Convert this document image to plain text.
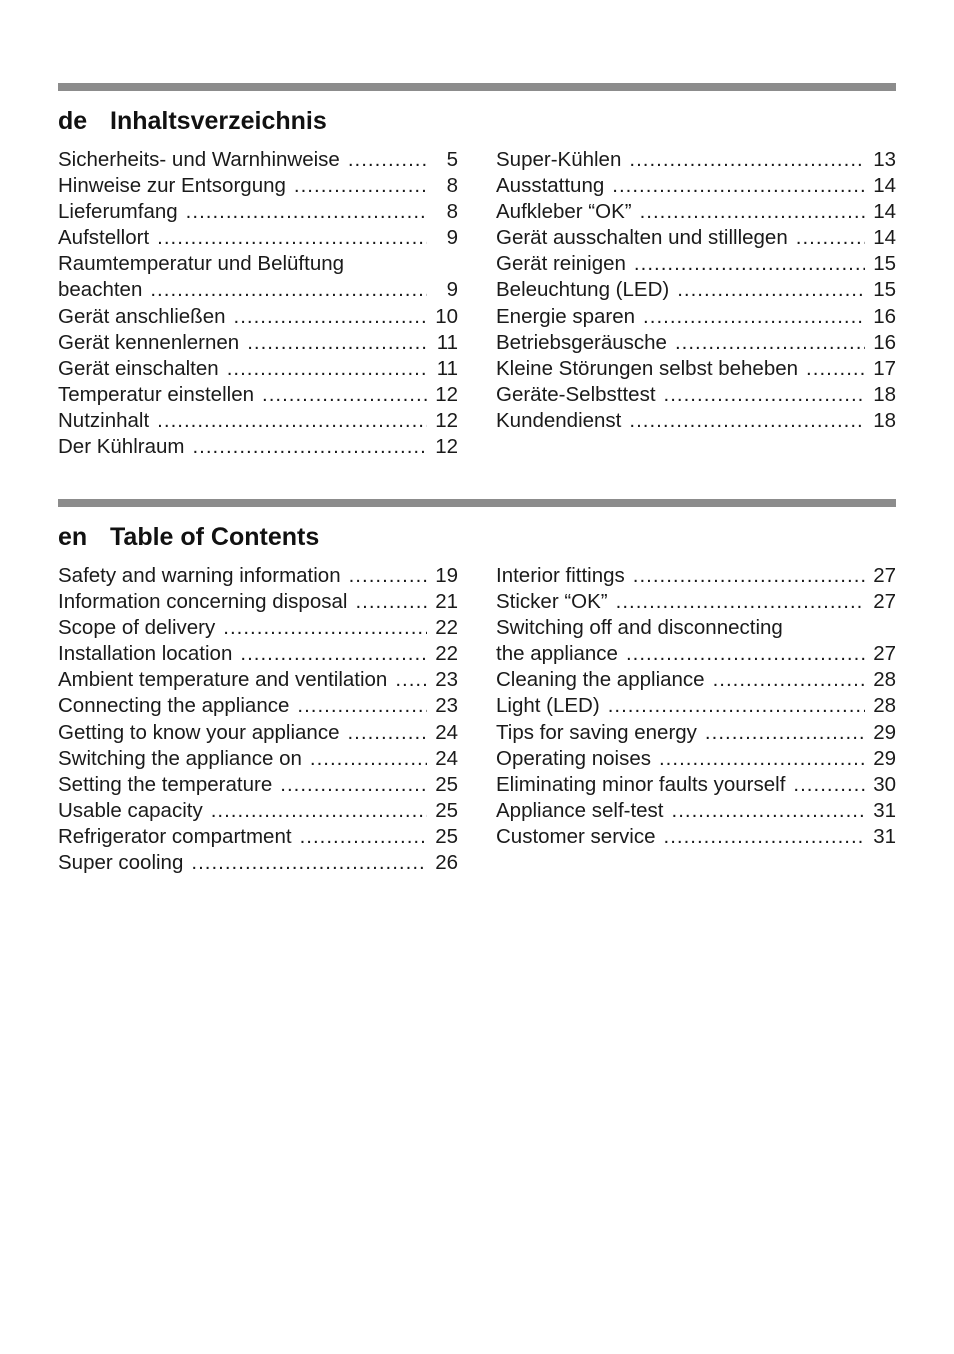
de Inhaltsverzeichnis
Sicherheits- und Warnhinweise .....	5
Hinweise zur Entsorgung .....	8
Lieferumfang .....	8
Aufstellort .....	9
Raumtemperatur und Belüftung
beachten .....	9
Gerät anschließen .....	10
Gerät kennenlernen .....	11
Gerät einschalten .....	11
Temperatur einstellen .....	12
Nutzinhalt .....	12
Der Kühlraum .....	12
Super-Kühlen .....	13
Ausstattung .....	14
Aufkleber “OK” .....	14
Gerät ausschalten und stilllegen .....	14
Gerät reinigen .....	15
Beleuchtung (LED) .....	15
Energie sparen .....	16
Betriebsgeräusche .....	16
Kleine Störungen selbst beheben .....	17
Geräte-Selbsttest .....	18
Kundendienst .....	18
en Table of Contents
Safety and warning information .....	19
Information concerning disposal .....	21
Scope of delivery .....	22
Installation location .....	22
Ambient temperature and ventilation ..... 23
Connecting the appliance .....	23
Getting to know your appliance .....	24
Switching the appliance on .....	24
Setting the temperature .....	25
Usable capacity .....	25
Refrigerator compartment .....	25
Super cooling .....	26
Interior fittings .....	27
Sticker “OK” .....	27
Switching off and disconnecting
the appliance .....	27
Cleaning the appliance .....	28
Light (LED) .....	28
Tips for saving energy .....	29
Operating noises .....	29
Eliminating minor faults yourself .....	30
Appliance self-test .....	31
Customer service .....	31
